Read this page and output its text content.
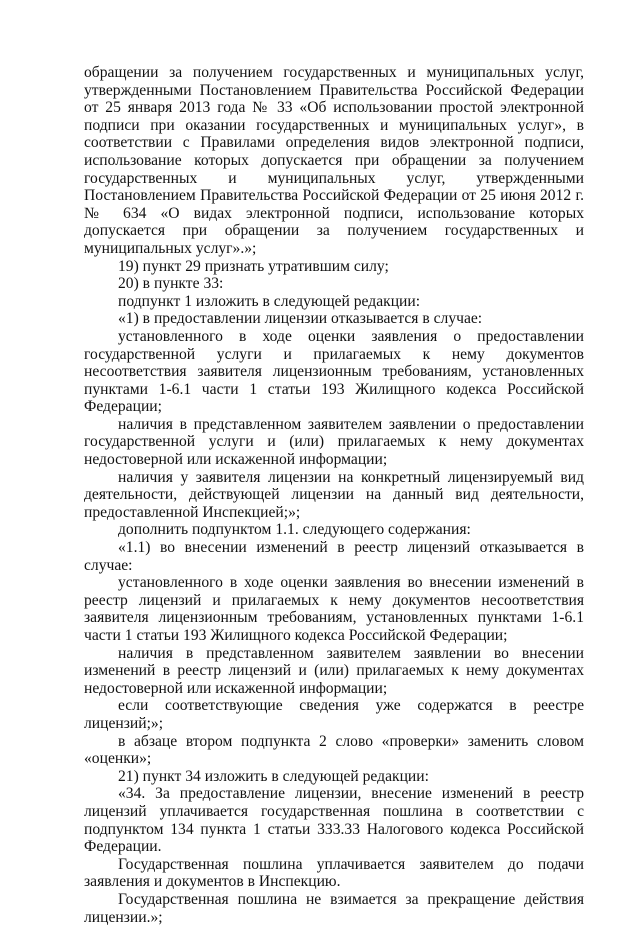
обращении за получением государственных и муниципальных услуг, утвержденными Постановлением Правительства Российской Федерации от 25 января 2013 года № 33 «Об использовании простой электронной подписи при оказании государственных и муниципальных услуг», в соответствии с Правилами определения видов электронной подписи, использование которых допускается при обращении за получением государственных и муниципальных услуг, утвержденными Постановлением Правительства Российской Федерации от 25 июня 2012 г. № 634 «О видах электронной подписи, использование которых допускается при обращении за получением государственных и муниципальных услуг».»;

19) пункт 29 признать утратившим силу;

20) в пункте 33:

подпункт 1 изложить в следующей редакции:

«1) в предоставлении лицензии отказывается в случае:

установленного в ходе оценки заявления о предоставлении государственной услуги и прилагаемых к нему документов несоответствия заявителя лицензионным требованиям, установленных пунктами 1-6.1 части 1 статьи 193 Жилищного кодекса Российской Федерации;

наличия в представленном заявителем заявлении о предоставлении государственной услуги и (или) прилагаемых к нему документах недостоверной или искаженной информации;

наличия у заявителя лицензии на конкретный лицензируемый вид деятельности, действующей лицензии на данный вид деятельности, предоставленной Инспекцией;»;

дополнить подпунктом 1.1. следующего содержания:

«1.1) во внесении изменений в реестр лицензий отказывается в случае:

установленного в ходе оценки заявления во внесении изменений в реестр лицензий и прилагаемых к нему документов несоответствия заявителя лицензионным требованиям, установленных пунктами 1-6.1 части 1 статьи 193 Жилищного кодекса Российской Федерации;

наличия в представленном заявителем заявлении во внесении изменений в реестр лицензий и (или) прилагаемых к нему документах недостоверной или искаженной информации;

если соответствующие сведения уже содержатся в реестре лицензий;»;

в абзаце втором подпункта 2 слово «проверки» заменить словом «оценки»;

21) пункт 34 изложить в следующей редакции:

«34. За предоставление лицензии, внесение изменений в реестр лицензий уплачивается государственная пошлина в соответствии с подпунктом 134 пункта 1 статьи 333.33 Налогового кодекса Российской Федерации.

Государственная пошлина уплачивается заявителем до подачи заявления и документов в Инспекцию.

Государственная пошлина не взимается за прекращение действия лицензии.»;
